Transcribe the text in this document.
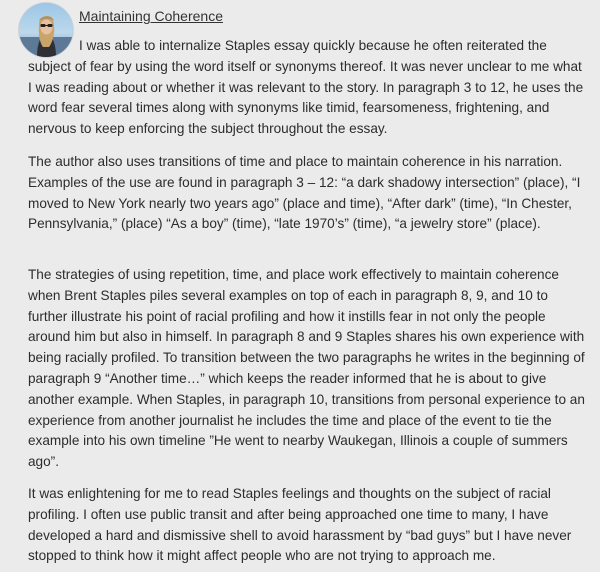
Maintaining Coherence

I was able to internalize Staples essay quickly because he often reiterated the subject of fear by using the word itself or synonyms thereof. It was never unclear to me what I was reading about or whether it was relevant to the story. In paragraph 3 to 12, he uses the word fear several times along with synonyms like timid, fearsomeness, frightening, and nervous to keep enforcing the subject throughout the essay.

The author also uses transitions of time and place to maintain coherence in his narration. Examples of the use are found in paragraph 3 – 12: “a dark shadowy intersection” (place), “I moved to New York nearly two years ago” (place and time), “After dark” (time), “In Chester, Pennsylvania,” (place) “As a boy” (time), “late 1970’s” (time), “a jewelry store” (place).

The strategies of using repetition, time, and place work effectively to maintain coherence when Brent Staples piles several examples on top of each in paragraph 8, 9, and 10 to further illustrate his point of racial profiling and how it instills fear in not only the people around him but also in himself. In paragraph 8 and 9 Staples shares his own experience with being racially profiled. To transition between the two paragraphs he writes in the beginning of paragraph 9 “Another time…” which keeps the reader informed that he is about to give another example. When Staples, in paragraph 10, transitions from personal experience to an experience from another journalist he includes the time and place of the event to tie the example into his own timeline ”He went to nearby Waukegan, Illinois a couple of summers ago”.

It was enlightening for me to read Staples feelings and thoughts on the subject of racial profiling. I often use public transit and after being approached one time to many, I have developed a hard and dismissive shell to avoid harassment by “bad guys” but I have never stopped to think how it might affect people who are not trying to approach me.
